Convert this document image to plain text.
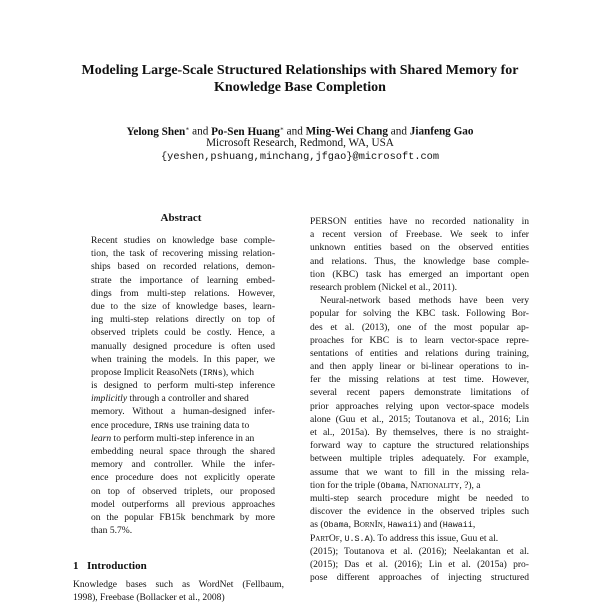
Modeling Large-Scale Structured Relationships with Shared Memory for
Knowledge Base Completion
Yelong Shen∗ and Po-Sen Huang∗ and Ming-Wei Chang and Jianfeng Gao
Microsoft Research, Redmond, WA, USA
{yeshen,pshuang,minchang,jfgao}@microsoft.com
Abstract
Recent studies on knowledge base comple-
tion, the task of recovering missing relation-
ships based on recorded relations, demon-
strate the importance of learning embed-
dings from multi-step relations. However,
due to the size of knowledge bases, learn-
ing multi-step relations directly on top of
observed triplets could be costly. Hence, a
manually designed procedure is often used
when training the models. In this paper, we
propose Implicit ReasoNets (IRNs), which
is designed to perform multi-step inference
implicitly through a controller and shared
memory. Without a human-designed infer-
ence procedure, IRNs use training data to
learn to perform multi-step inference in an
embedding neural space through the shared
memory and controller. While the infer-
ence procedure does not explicitly operate
on top of observed triplets, our proposed
model outperforms all previous approaches
on the popular FB15k benchmark by more
than 5.7%.
PERSON entities have no recorded nationality in
a recent version of Freebase. We seek to infer
unknown entities based on the observed entities
and relations. Thus, the knowledge base comple-
tion (KBC) task has emerged an important open
research problem (Nickel et al., 2011).
Neural-network based methods have been very
popular for solving the KBC task. Following Bor-
des et al. (2013), one of the most popular ap-
proaches for KBC is to learn vector-space repre-
sentations of entities and relations during training,
and then apply linear or bi-linear operations to in-
fer the missing relations at test time. However,
several recent papers demonstrate limitations of
prior approaches relying upon vector-space models
alone (Guu et al., 2015; Toutanova et al., 2016; Lin
et al., 2015a). By themselves, there is no straight-
forward way to capture the structured relationships
between multiple triples adequately. For example,
assume that we want to fill in the missing rela-
tion for the triple (Obama, Nationality, ?), a
multi-step search procedure might be needed to
discover the evidence in the observed triples such
as (Obama, BornIn, Hawaii) and (Hawaii,
PartOf, U.S.A). To address this issue, Guu et al.
(2015); Toutanova et al. (2016); Neelakantan et al.
(2015); Das et al. (2016); Lin et al. (2015a) pro-
pose different approaches of injecting structured
1 Introduction
Knowledge bases such as WordNet (Fellbaum,
1998), Freebase (Bollacker et al., 2008)
